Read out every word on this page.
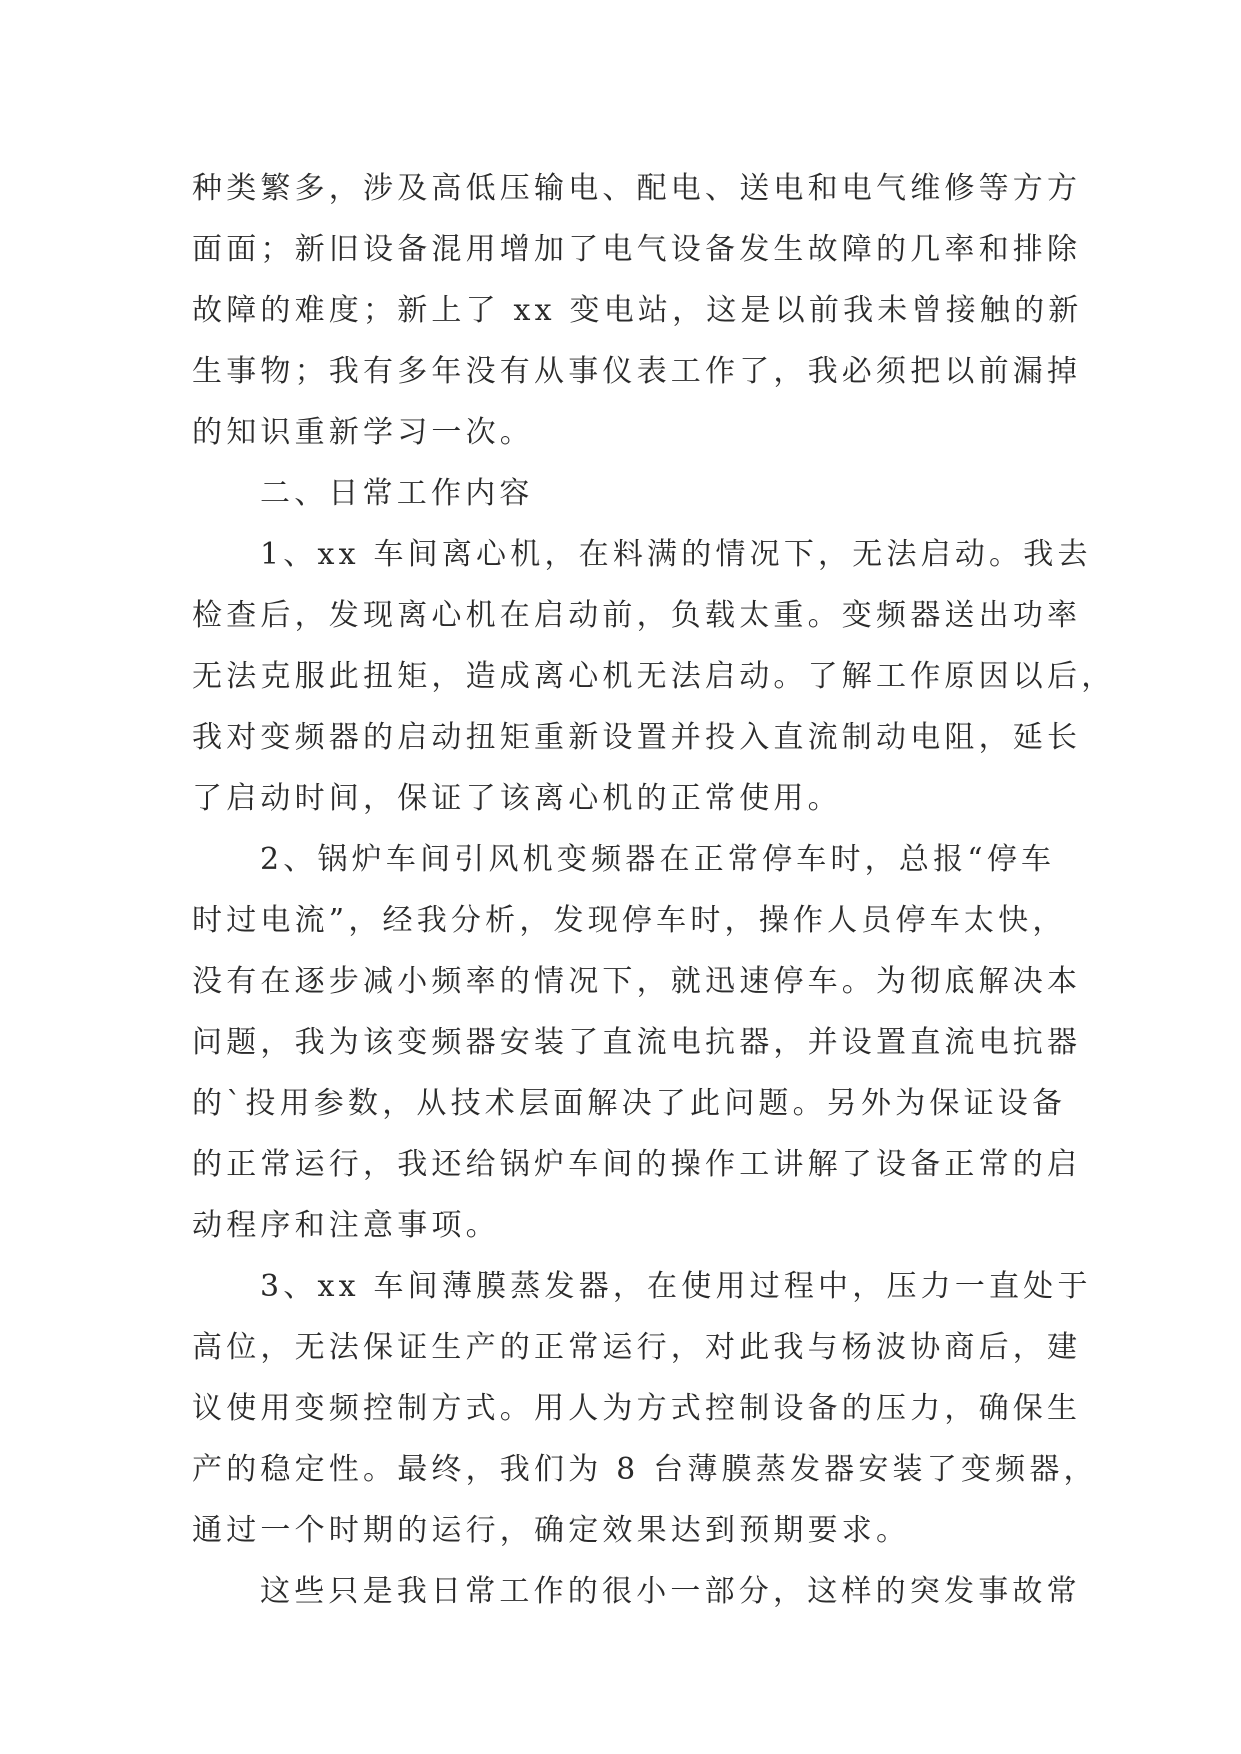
种类繁多，涉及高低压输电、配电、送电和电气维修等方方
面面；新旧设备混用增加了电气设备发生故障的几率和排除
故障的难度；新上了 xx 变电站，这是以前我未曾接触的新
生事物；我有多年没有从事仪表工作了，我必须把以前漏掉
的知识重新学习一次。
二、日常工作内容
1、xx 车间离心机，在料满的情况下，无法启动。我去
检查后，发现离心机在启动前，负载太重。变频器送出功率
无法克服此扭矩，造成离心机无法启动。了解工作原因以后，
我对变频器的启动扭矩重新设置并投入直流制动电阻，延长
了启动时间，保证了该离心机的正常使用。
2、锅炉车间引风机变频器在正常停车时，总报“停车
时过电流”，经我分析，发现停车时，操作人员停车太快，
没有在逐步减小频率的情况下，就迅速停车。为彻底解决本
问题，我为该变频器安装了直流电抗器，并设置直流电抗器
的`投用参数，从技术层面解决了此问题。另外为保证设备
的正常运行，我还给锅炉车间的操作工讲解了设备正常的启
动程序和注意事项。
3、xx 车间薄膜蒸发器，在使用过程中，压力一直处于
高位，无法保证生产的正常运行，对此我与杨波协商后，建
议使用变频控制方式。用人为方式控制设备的压力，确保生
产的稳定性。最终，我们为 8 台薄膜蒸发器安装了变频器，
通过一个时期的运行，确定效果达到预期要求。
这些只是我日常工作的很小一部分，这样的突发事故常
